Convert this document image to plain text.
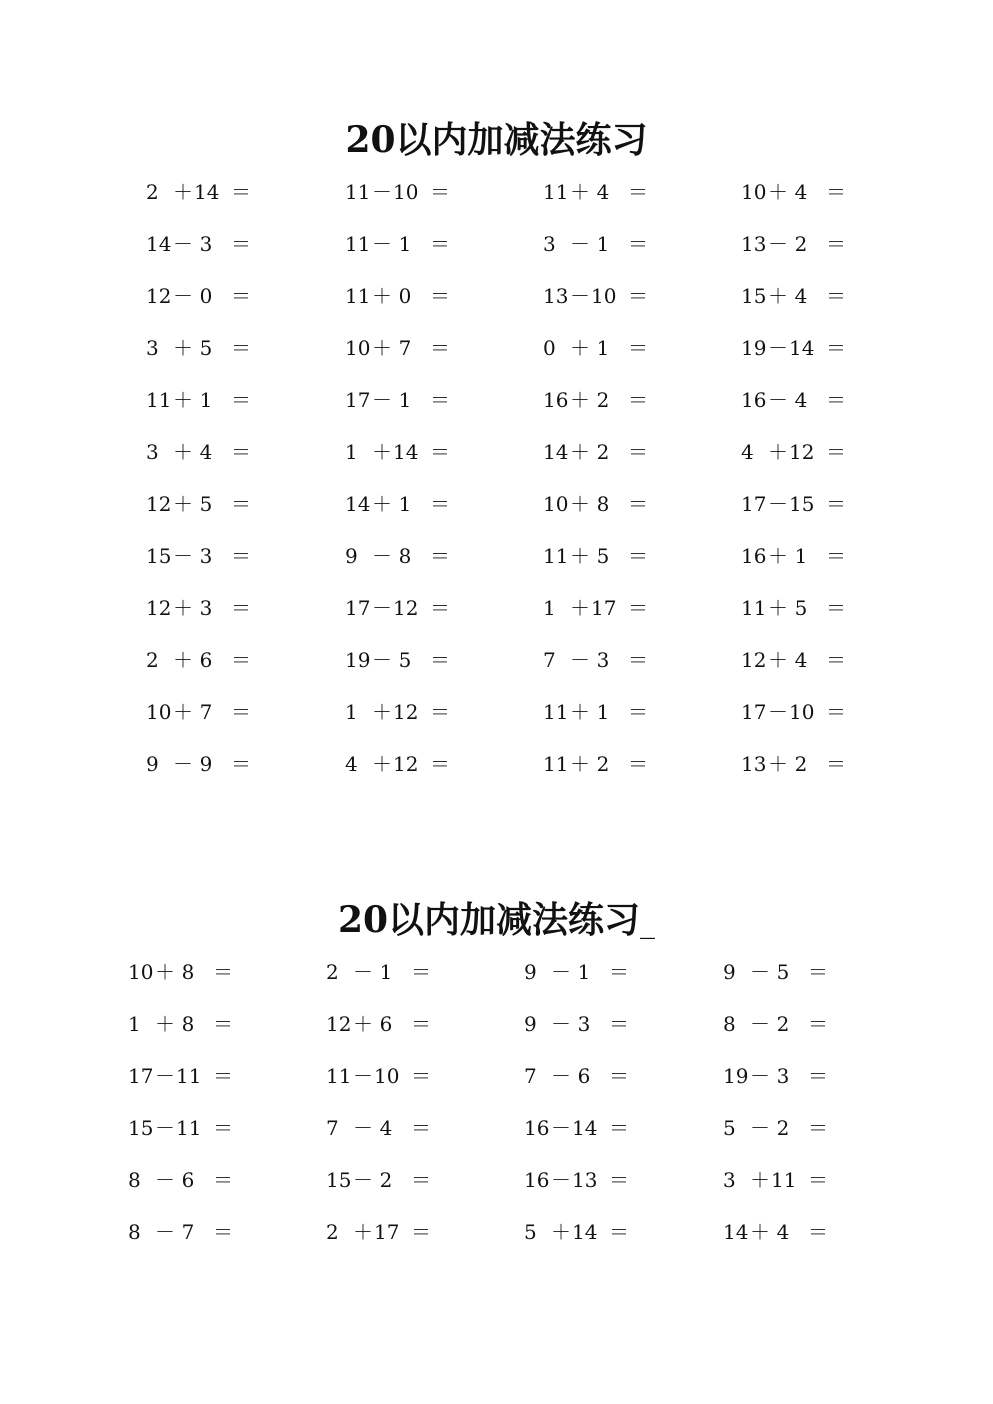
20以内加减法练习
2 ＋ 14 ＝	11 － 10 ＝	11 ＋ 4 ＝	10 ＋ 4 ＝
14 － 3 ＝	11 － 1 ＝	3 － 1 ＝	13 － 2 ＝
12 － 0 ＝	11 ＋ 0 ＝	13 － 10 ＝	15 ＋ 4 ＝
3 ＋ 5 ＝	10 ＋ 7 ＝	0 ＋ 1 ＝	19 － 14 ＝
11 ＋ 1 ＝	17 － 1 ＝	16 ＋ 2 ＝	16 － 4 ＝
3 ＋ 4 ＝	1 ＋ 14 ＝	14 ＋ 2 ＝	4 ＋ 12 ＝
12 ＋ 5 ＝	14 ＋ 1 ＝	10 ＋ 8 ＝	17 － 15 ＝
15 － 3 ＝	9 － 8 ＝	11 ＋ 5 ＝	16 ＋ 1 ＝
12 ＋ 3 ＝	17 － 12 ＝	1 ＋ 17 ＝	11 ＋ 5 ＝
2 ＋ 6 ＝	19 － 5 ＝	7 － 3 ＝	12 ＋ 4 ＝
10 ＋ 7 ＝	1 ＋ 12 ＝	11 ＋ 1 ＝	17 － 10 ＝
9 － 9 ＝	4 ＋ 12 ＝	11 ＋ 2 ＝	13 ＋ 2 ＝
20以内加减法练习_
10 ＋ 8 ＝	2 － 1 ＝	9 － 1 ＝	9 － 5 ＝
1 ＋ 8 ＝	12 ＋ 6 ＝	9 － 3 ＝	8 － 2 ＝
17 － 11 ＝	11 － 10 ＝	7 － 6 ＝	19 － 3 ＝
15 － 11 ＝	7 － 4 ＝	16 － 14 ＝	5 － 2 ＝
8 － 6 ＝	15 － 2 ＝	16 － 13 ＝	3 ＋ 11 ＝
8 － 7 ＝	2 ＋ 17 ＝	5 ＋ 14 ＝	14 ＋ 4 ＝
